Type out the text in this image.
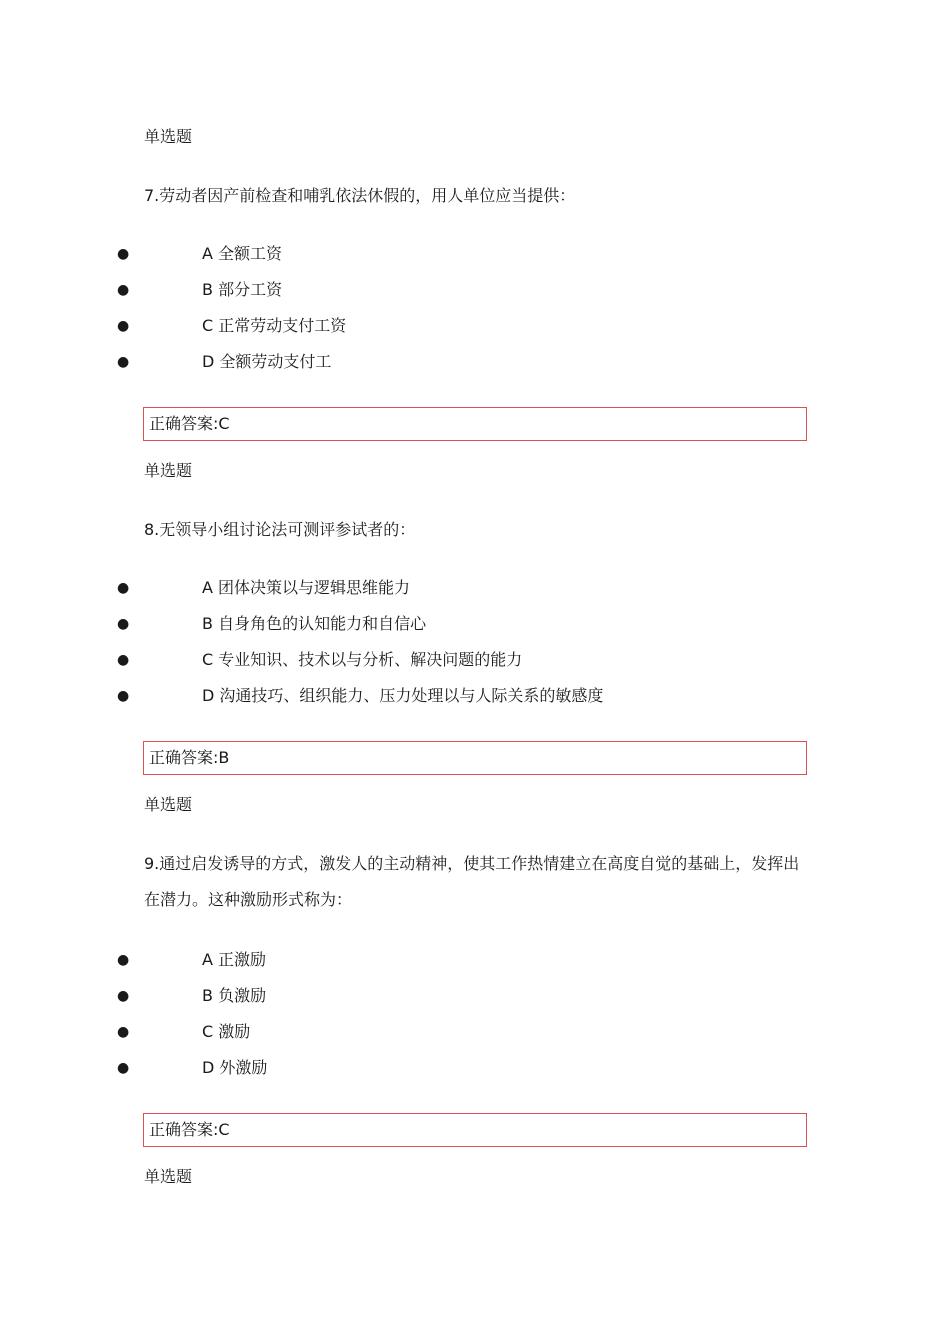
单选题
7.劳动者因产前检查和哺乳依法休假的，用人单位应当提供：
●	A 全额工资
●	B 部分工资
●	C 正常劳动支付工资
●	D 全额劳动支付工
正确答案:C
单选题
8.无领导小组讨论法可测评参试者的：
●	A 团体决策以与逻辑思维能力
●	B 自身角色的认知能力和自信心
●	C 专业知识、技术以与分析、解决问题的能力
●	D 沟通技巧、组织能力、压力处理以与人际关系的敏感度
正确答案:B
单选题
9.通过启发诱导的方式，激发人的主动精神，使其工作热情建立在高度自觉的基础上，发挥出在潜力。这种激励形式称为：
●	A 正激励
●	B 负激励
●	C 激励
●	D 外激励
正确答案:C
单选题
